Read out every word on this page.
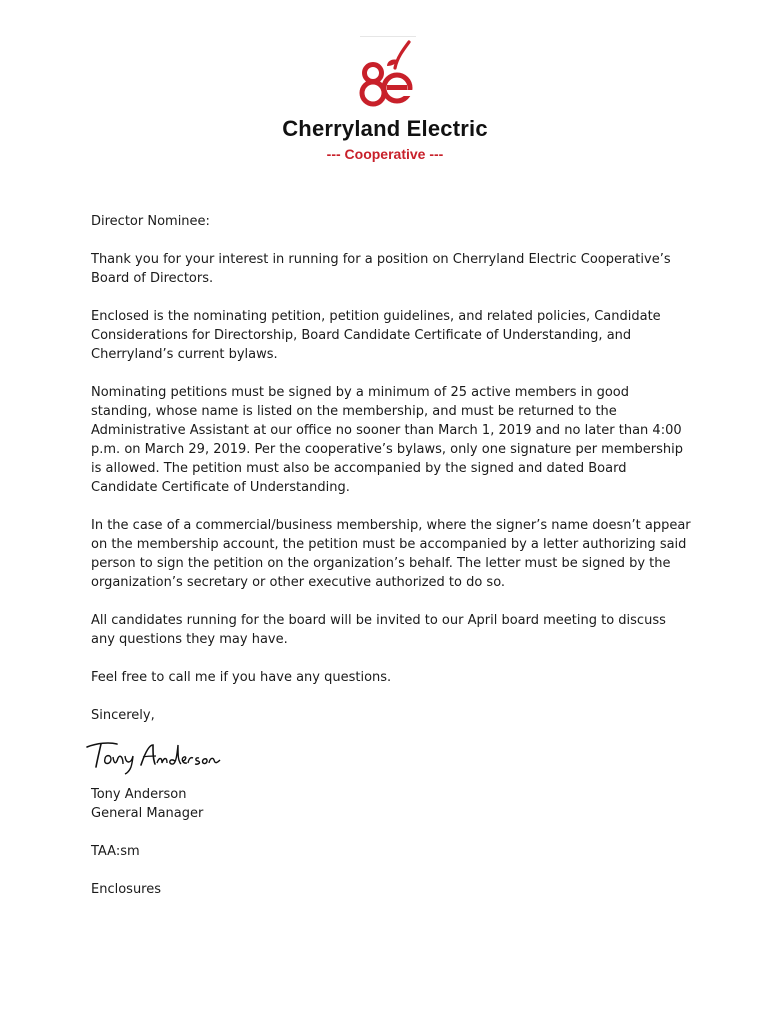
Cherryland Electric
--- Cooperative ---

Director Nominee:

Thank you for your interest in running for a position on Cherryland Electric Cooperative’s Board of Directors.

Enclosed is the nominating petition, petition guidelines, and related policies, Candidate Considerations for Directorship, Board Candidate Certificate of Understanding, and Cherryland’s current bylaws.

Nominating petitions must be signed by a minimum of 25 active members in good standing, whose name is listed on the membership, and must be returned to the Administrative Assistant at our office no sooner than March 1, 2019 and no later than 4:00 p.m. on March 29, 2019. Per the cooperative’s bylaws, only one signature per membership is allowed. The petition must also be accompanied by the signed and dated Board Candidate Certificate of Understanding.

In the case of a commercial/business membership, where the signer’s name doesn’t appear on the membership account, the petition must be accompanied by a letter authorizing said person to sign the petition on the organization’s behalf. The letter must be signed by the organization’s secretary or other executive authorized to do so.

All candidates running for the board will be invited to our April board meeting to discuss any questions they may have.

Feel free to call me if you have any questions.

Sincerely,

Tony Anderson

General Manager

TAA:sm

Enclosures
